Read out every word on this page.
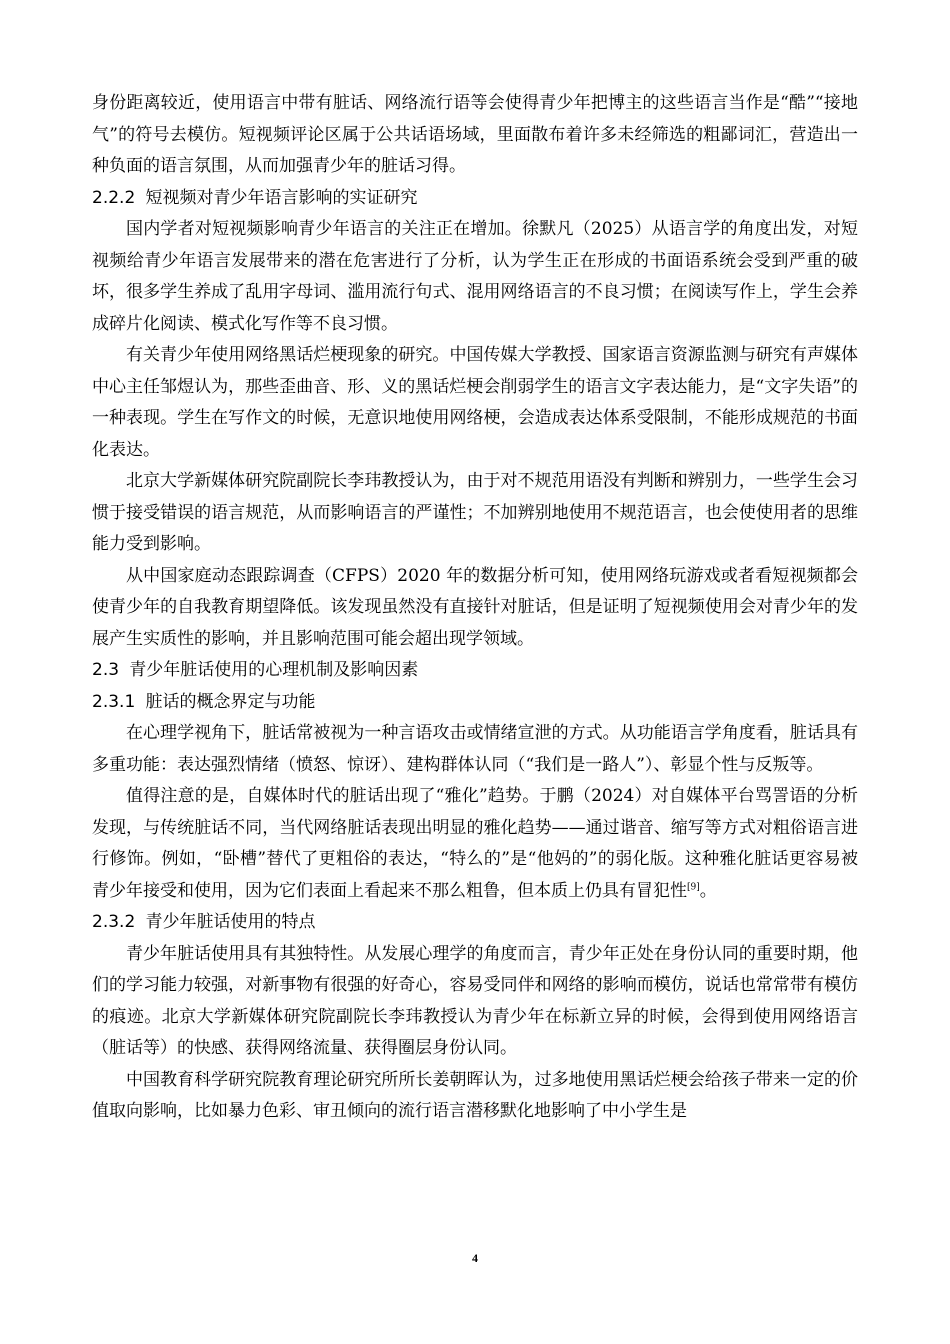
身份距离较近，使用语言中带有脏话、网络流行语等会使得青少年把博主的这些语言当作是“酷”“接地气”的符号去模仿。短视频评论区属于公共话语场域，里面散布着许多未经筛选的粗鄙词汇，营造出一种负面的语言氛围，从而加强青少年的脏话习得。

2.2.2 短视频对青少年语言影响的实证研究

国内学者对短视频影响青少年语言的关注正在增加。徐默凡（2025）从语言学的角度出发，对短视频给青少年语言发展带来的潜在危害进行了分析，认为学生正在形成的书面语系统会受到严重的破坏，很多学生养成了乱用字母词、滥用流行句式、混用网络语言的不良习惯；在阅读写作上，学生会养成碎片化阅读、模式化写作等不良习惯。

有关青少年使用网络黑话烂梗现象的研究。中国传媒大学教授、国家语言资源监测与研究有声媒体中心主任邹煜认为，那些歪曲音、形、义的黑话烂梗会削弱学生的语言文字表达能力，是“文字失语”的一种表现。学生在写作文的时候，无意识地使用网络梗，会造成表达体系受限制，不能形成规范的书面化表达。

北京大学新媒体研究院副院长李玮教授认为，由于对不规范用语没有判断和辨别力，一些学生会习惯于接受错误的语言规范，从而影响语言的严谨性；不加辨别地使用不规范语言，也会使使用者的思维能力受到影响。

从中国家庭动态跟踪调查（CFPS）2020 年的数据分析可知，使用网络玩游戏或者看短视频都会使青少年的自我教育期望降低。该发现虽然没有直接针对脏话，但是证明了短视频使用会对青少年的发展产生实质性的影响，并且影响范围可能会超出现学领域。

2.3 青少年脏话使用的心理机制及影响因素

2.3.1 脏话的概念界定与功能

在心理学视角下，脏话常被视为一种言语攻击或情绪宣泄的方式。从功能语言学角度看，脏话具有多重功能：表达强烈情绪（愤怒、惊讶）、建构群体认同（“我们是一路人”）、彰显个性与反叛等。

值得注意的是，自媒体时代的脏话出现了“雅化”趋势。于鹏（2024）对自媒体平台骂詈语的分析发现，与传统脏话不同，当代网络脏话表现出明显的雅化趋势——通过谐音、缩写等方式对粗俗语言进行修饰。例如，“卧槽”替代了更粗俗的表达，“特么的”是“他妈的”的弱化版。这种雅化脏话更容易被青少年接受和使用，因为它们表面上看起来不那么粗鲁，但本质上仍具有冒犯性[9]。

2.3.2 青少年脏话使用的特点

青少年脏话使用具有其独特性。从发展心理学的角度而言，青少年正处在身份认同的重要时期，他们的学习能力较强，对新事物有很强的好奇心，容易受同伴和网络的影响而模仿，说话也常常带有模仿的痕迹。北京大学新媒体研究院副院长李玮教授认为青少年在标新立异的时候，会得到使用网络语言（脏话等）的快感、获得网络流量、获得圈层身份认同。

中国教育科学研究院教育理论研究所所长姜朝晖认为，过多地使用黑话烂梗会给孩子带来一定的价值取向影响，比如暴力色彩、审丑倾向的流行语言潜移默化地影响了中小学生是

4
